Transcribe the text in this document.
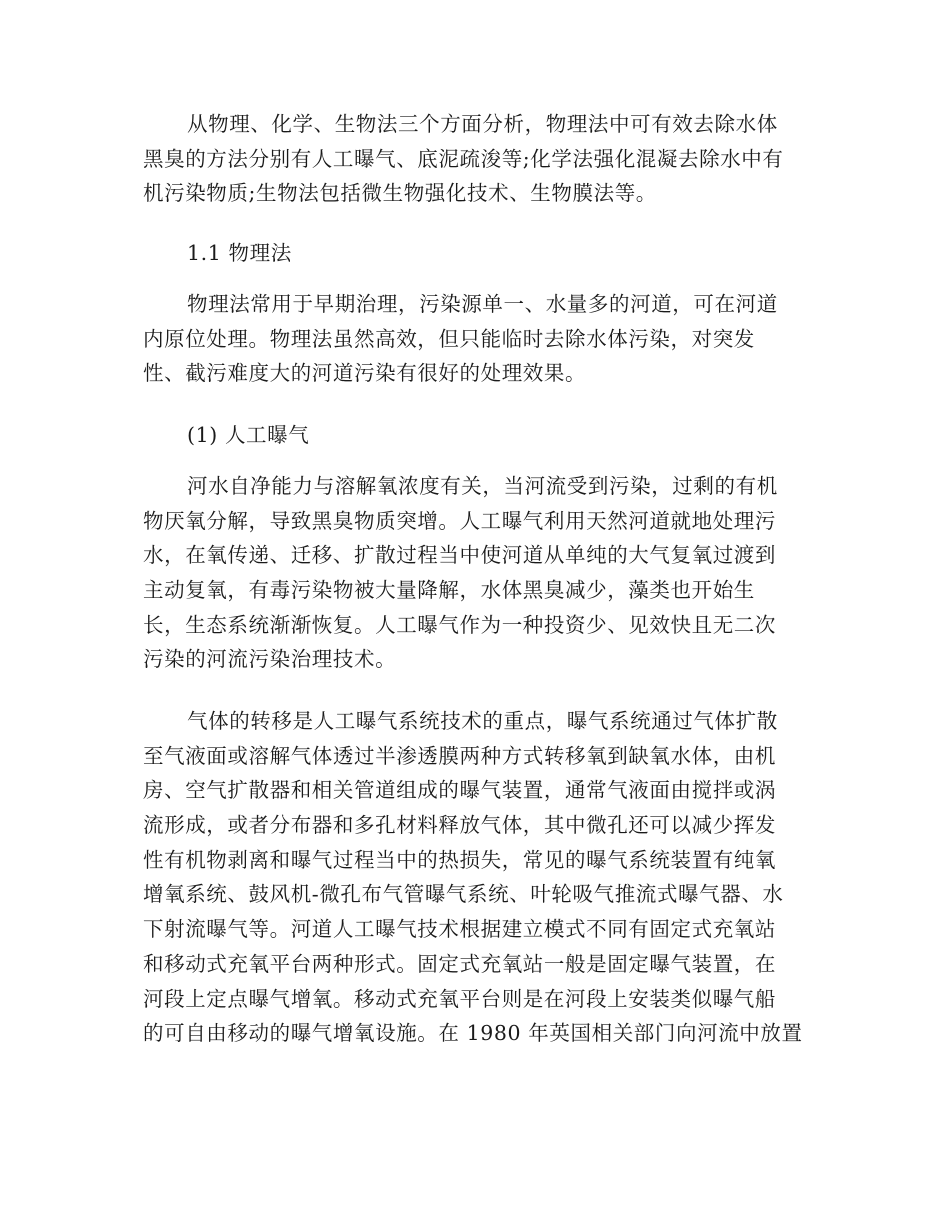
从物理、化学、生物法三个方面分析，物理法中可有效去除水体
黑臭的方法分别有人工曝气、底泥疏浚等;化学法强化混凝去除水中有
机污染物质;生物法包括微生物强化技术、生物膜法等。
1.1 物理法
物理法常用于早期治理，污染源单一、水量多的河道，可在河道
内原位处理。物理法虽然高效，但只能临时去除水体污染，对突发
性、截污难度大的河道污染有很好的处理效果。
(1) 人工曝气
河水自净能力与溶解氧浓度有关，当河流受到污染，过剩的有机
物厌氧分解，导致黑臭物质突增。人工曝气利用天然河道就地处理污
水，在氧传递、迁移、扩散过程当中使河道从单纯的大气复氧过渡到
主动复氧，有毒污染物被大量降解，水体黑臭减少，藻类也开始生
长，生态系统渐渐恢复。人工曝气作为一种投资少、见效快且无二次
污染的河流污染治理技术。
气体的转移是人工曝气系统技术的重点，曝气系统通过气体扩散
至气液面或溶解气体透过半渗透膜两种方式转移氧到缺氧水体，由机
房、空气扩散器和相关管道组成的曝气装置，通常气液面由搅拌或涡
流形成，或者分布器和多孔材料释放气体，其中微孔还可以减少挥发
性有机物剥离和曝气过程当中的热损失，常见的曝气系统装置有纯氧
增氧系统、鼓风机-微孔布气管曝气系统、叶轮吸气推流式曝气器、水
下射流曝气等。河道人工曝气技术根据建立模式不同有固定式充氧站
和移动式充氧平台两种形式。固定式充氧站一般是固定曝气装置，在
河段上定点曝气增氧。移动式充氧平台则是在河段上安装类似曝气船
的可自由移动的曝气增氧设施。在 1980 年英国相关部门向河流中放置
